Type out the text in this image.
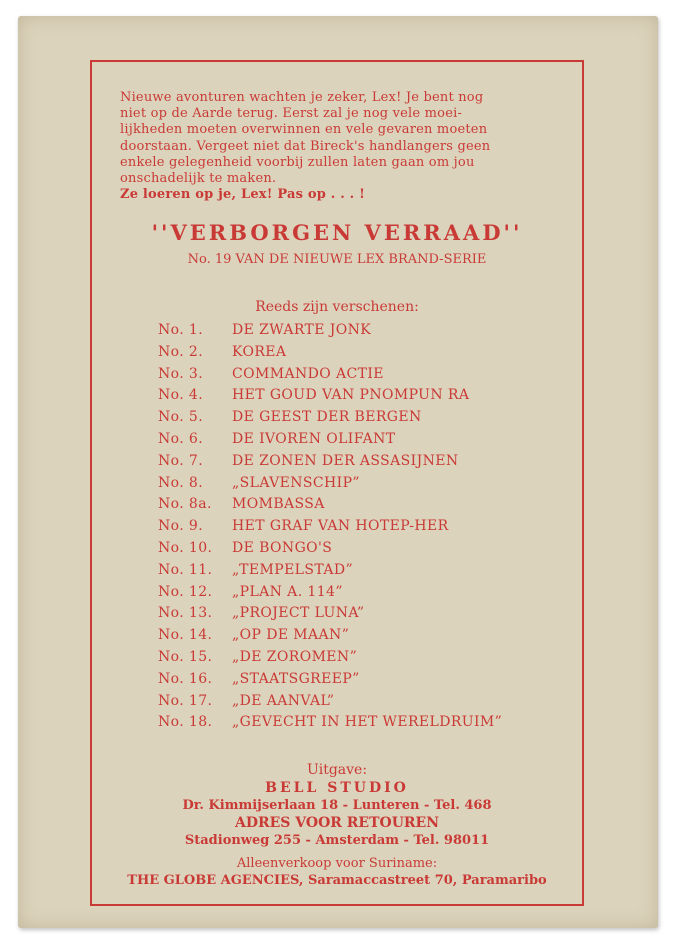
Nieuwe avonturen wachten je zeker, Lex! Je bent nog
niet op de Aarde terug. Eerst zal je nog vele moei-
lijkheden moeten overwinnen en vele gevaren moeten
doorstaan. Vergeet niet dat Bireck's handlangers geen
enkele gelegenheid voorbij zullen laten gaan om jou
onschadelijk te maken.
Ze loeren op je, Lex! Pas op . . . !
''VERBORGEN VERRAAD''
No. 19 VAN DE NIEUWE LEX BRAND-SERIE
Reeds zijn verschenen:
No. 1. DE ZWARTE JONK
No. 2. KOREA
No. 3. COMMANDO ACTIE
No. 4. HET GOUD VAN PNOMPUN RA
No. 5. DE GEEST DER BERGEN
No. 6. DE IVOREN OLIFANT
No. 7. DE ZONEN DER ASSASIJNEN
No. 8. „SLAVENSCHIP”
No. 8a. MOMBASSA
No. 9. HET GRAF VAN HOTEP-HER
No. 10. DE BONGO'S
No. 11. „TEMPELSTAD”
No. 12. „PLAN A. 114”
No. 13. „PROJECT LUNA”
No. 14. „OP DE MAAN”
No. 15. „DE ZOROMEN”
No. 16. „STAATSGREEP”
No. 17. „DE AANVAL”
No. 18. „GEVECHT IN HET WERELDRUIM”
Uitgave:
BELL STUDIO
Dr. Kimmijserlaan 18 - Lunteren - Tel. 468
ADRES VOOR RETOUREN
Stadionweg 255 - Amsterdam - Tel. 98011
Alleenverkoop voor Suriname:
THE GLOBE AGENCIES, Saramaccastreet 70, Paramaribo
